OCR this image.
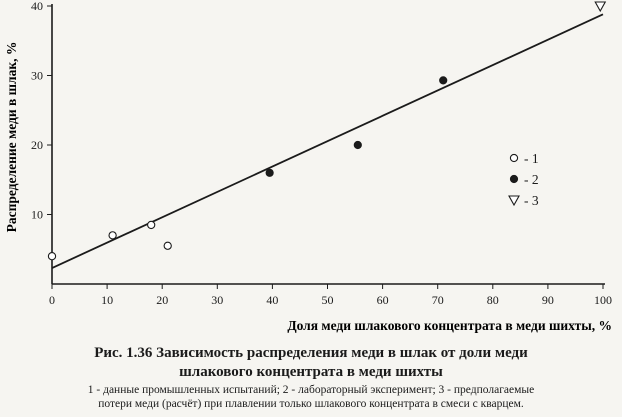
0	10	20	30	40	50	60	70	80	90	100
10
20
30
40
- 1
- 2
- 3
Распределение меди в шлак, %
Доля меди шлакового концентрата в меди шихты, %
Рис. 1.36 Зависимость распределения меди в шлак от доли меди
шлакового концентрата в меди шихты
1 - данные промышленных испытаний; 2 - лабораторный эксперимент; 3 - предполагаемые
потери меди (расчёт) при плавлении только шлакового концентрата в смеси с кварцем.
